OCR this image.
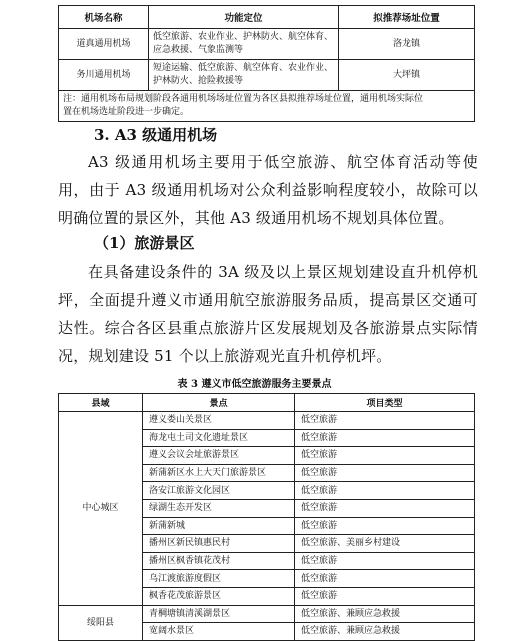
机场名称	功能定位	拟推荐场址位置
道真通用机场	低空旅游、农业作业、护林防火、航空体育、
应急救援、气象监测等	洛龙镇
务川通用机场	短途运输、低空旅游、航空体育、农业作业、
护林防火、抢险救援等	大坪镇

注：通用机场布局规划阶段各通用机场场址位置为各区县拟推荐场址位置，通用机场实际位
置在机场选址阶段进一步确定。		
3. A3 级通用机场
A3 级通用机场主要用于低空旅游、航空体育活动等使用，由于 A3 级通用机场对公众利益影响程度较小，故除可以明确位置的景区外，其他 A3 级通用机场不规划具体位置。
（1）旅游景区
在具备建设条件的 3A 级及以上景区规划建设直升机停机坪，全面提升遵义市通用航空旅游服务品质，提高景区交通可达性。综合各区县重点旅游片区发展规划及各旅游景点实际情况，规划建设 51 个以上旅游观光直升机停机坪。
表 3 遵义市低空旅游服务主要景点
县域	景点	项目类型
中心城区	遵义娄山关景区	低空旅游
	海龙屯土司文化遗址景区	低空旅游
	遵义会议会址旅游景区	低空旅游
	新蒲新区水上大天门旅游景区	低空旅游
	洛安江旅游文化园区	低空旅游
	绿湖生态开发区	低空旅游
	新蒲新城	低空旅游
	播州区新民镇惠民村	低空旅游、美丽乡村建设
	播州区枫香镇花茂村	低空旅游
	乌江渡旅游度假区	低空旅游
	枫香花茂旅游景区	低空旅游
绥阳县	青棡塘镇清溪湖景区	低空旅游、兼顾应急救援
	宽阔水景区	低空旅游、兼顾应急救援
